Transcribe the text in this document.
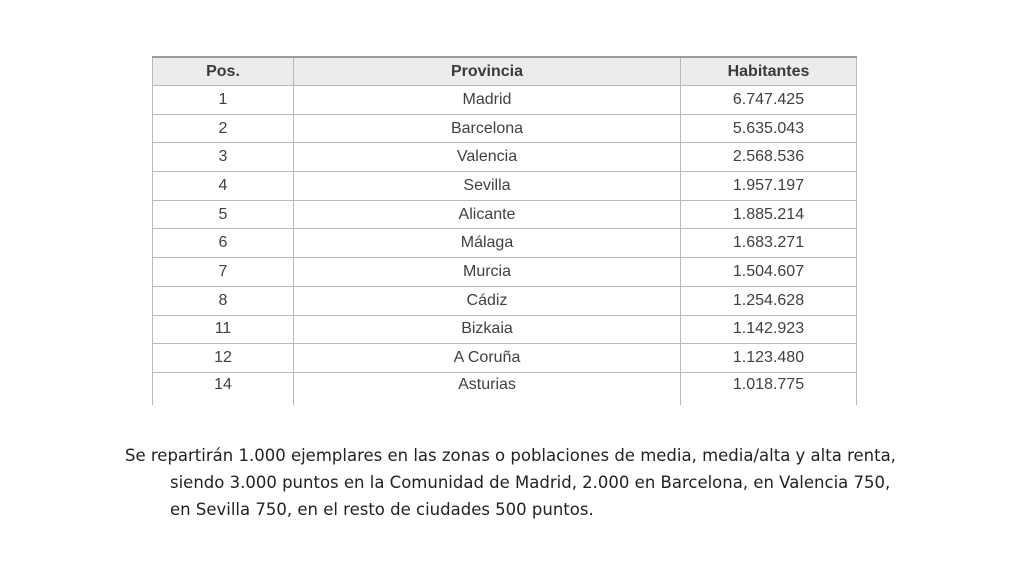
Pos.	Provincia	Habitantes
1	Madrid	6.747.425
2	Barcelona	5.635.043
3	Valencia	2.568.536
4	Sevilla	1.957.197
5	Alicante	1.885.214
6	Málaga	1.683.271
7	Murcia	1.504.607
8	Cádiz	1.254.628
11	Bizkaia	1.142.923
12	A Coruña	1.123.480
14	Asturias	1.018.775
Se repartirán 1.000 ejemplares en las zonas o poblaciones de media, media/alta y alta renta,
siendo 3.000 puntos en la Comunidad de Madrid, 2.000 en Barcelona, en Valencia 750,
en Sevilla 750, en el resto de ciudades 500 puntos.
